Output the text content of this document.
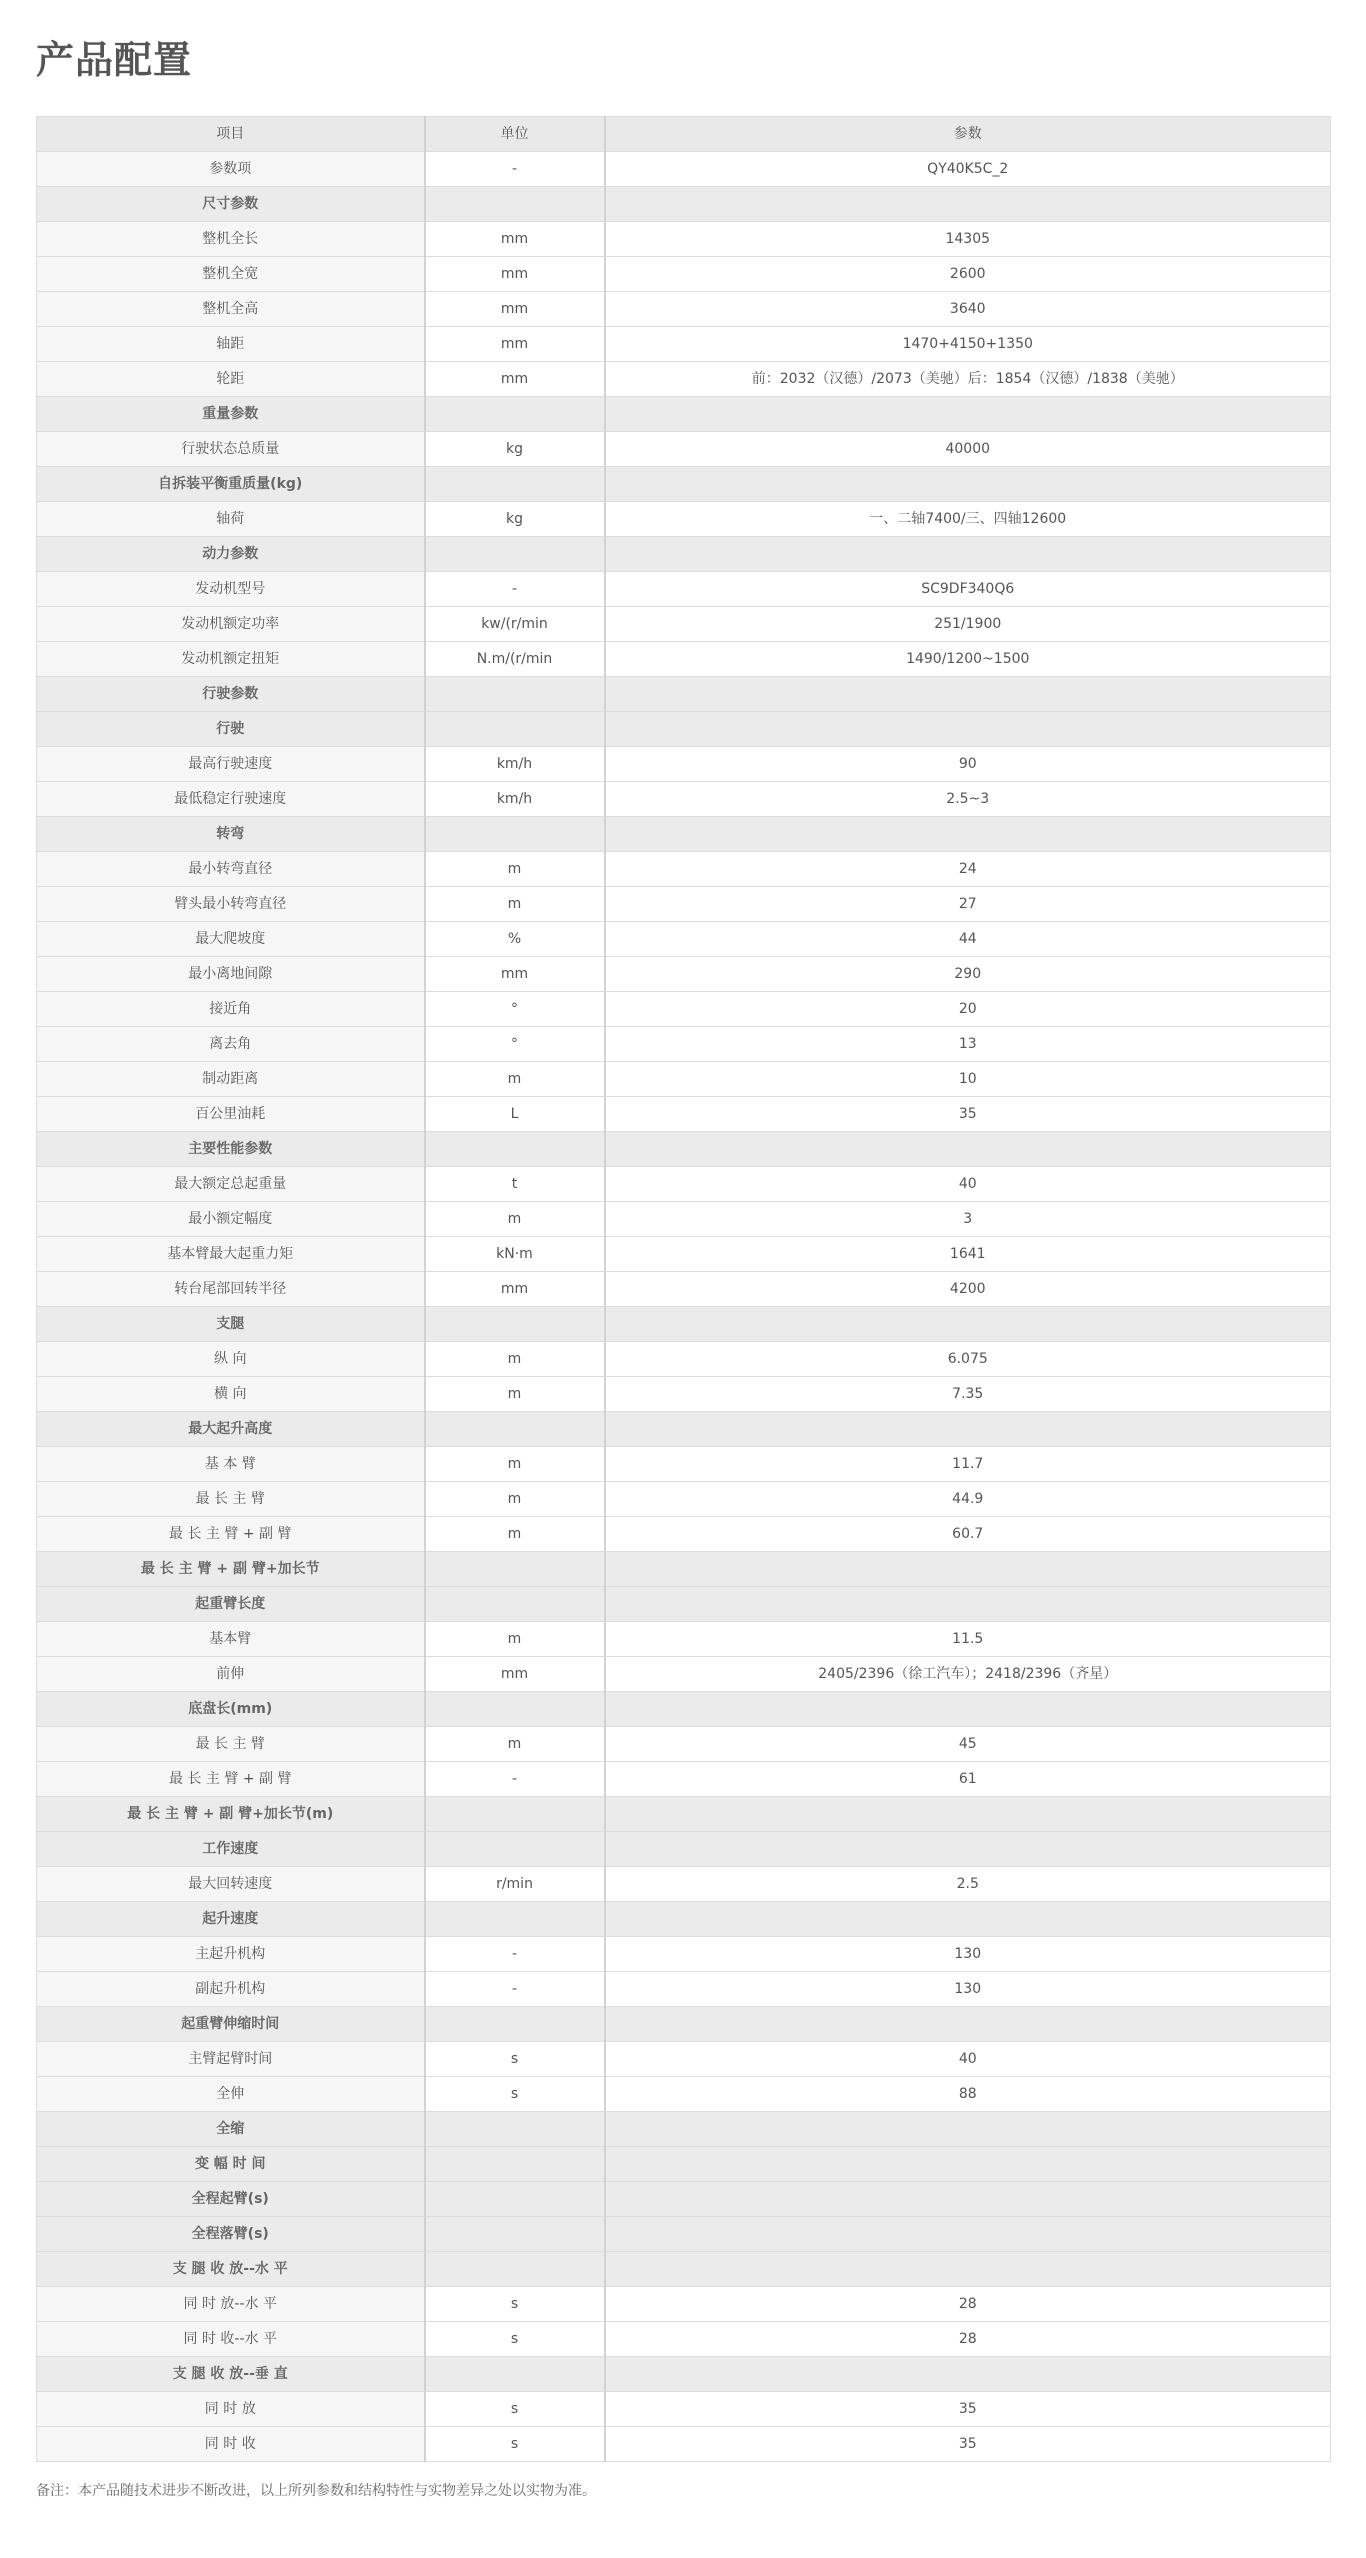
产品配置
项目	单位	参数
参数项	-	QY40K5C_2
尺寸参数		
整机全长	mm	14305
整机全宽	mm	2600
整机全高	mm	3640
轴距	mm	1470+4150+1350
轮距	mm	前：2032（汉德）/2073（美驰）后：1854（汉德）/1838（美驰）
重量参数		
行驶状态总质量	kg	40000
自拆装平衡重质量(kg)		
轴荷	kg	一、二轴7400/三、四轴12600
动力参数		
发动机型号	-	SC9DF340Q6
发动机额定功率	kw/(r/min	251/1900
发动机额定扭矩	N.m/(r/min	1490/1200~1500
行驶参数		
行驶		
最高行驶速度	km/h	90
最低稳定行驶速度	km/h	2.5~3
转弯		
最小转弯直径	m	24
臂头最小转弯直径	m	27
最大爬坡度	%	44
最小离地间隙	mm	290
接近角	°	20
离去角	°	13
制动距离	m	10
百公里油耗	L	35
主要性能参数		
最大额定总起重量	t	40
最小额定幅度	m	3
基本臂最大起重力矩	kN·m	1641
转台尾部回转半径	mm	4200
支腿		
纵 向	m	6.075
横 向	m	7.35
最大起升高度		
基 本 臂	m	11.7
最 长 主 臂	m	44.9
最 长 主 臂 + 副 臂	m	60.7
最 长 主 臂 + 副 臂+加长节		
起重臂长度		
基本臂	m	11.5
前伸	mm	2405/2396（徐工汽车）；2418/2396（齐星）
底盘长(mm)		
最 长 主 臂	m	45
最 长 主 臂 + 副 臂	-	61
最 长 主 臂 + 副 臂+加长节(m)		
工作速度		
最大回转速度	r/min	2.5
起升速度		
主起升机构	-	130
副起升机构	-	130
起重臂伸缩时间		
主臂起臂时间	s	40
全伸	s	88
全缩		
变 幅 时 间		
全程起臂(s)		
全程落臂(s)		
支 腿 收 放--水 平		
同 时 放--水 平	s	28
同 时 收--水 平	s	28
支 腿 收 放--垂 直		
同 时 放	s	35
同 时 收	s	35
备注：本产品随技术进步不断改进，以上所列参数和结构特性与实物差异之处以实物为准。
